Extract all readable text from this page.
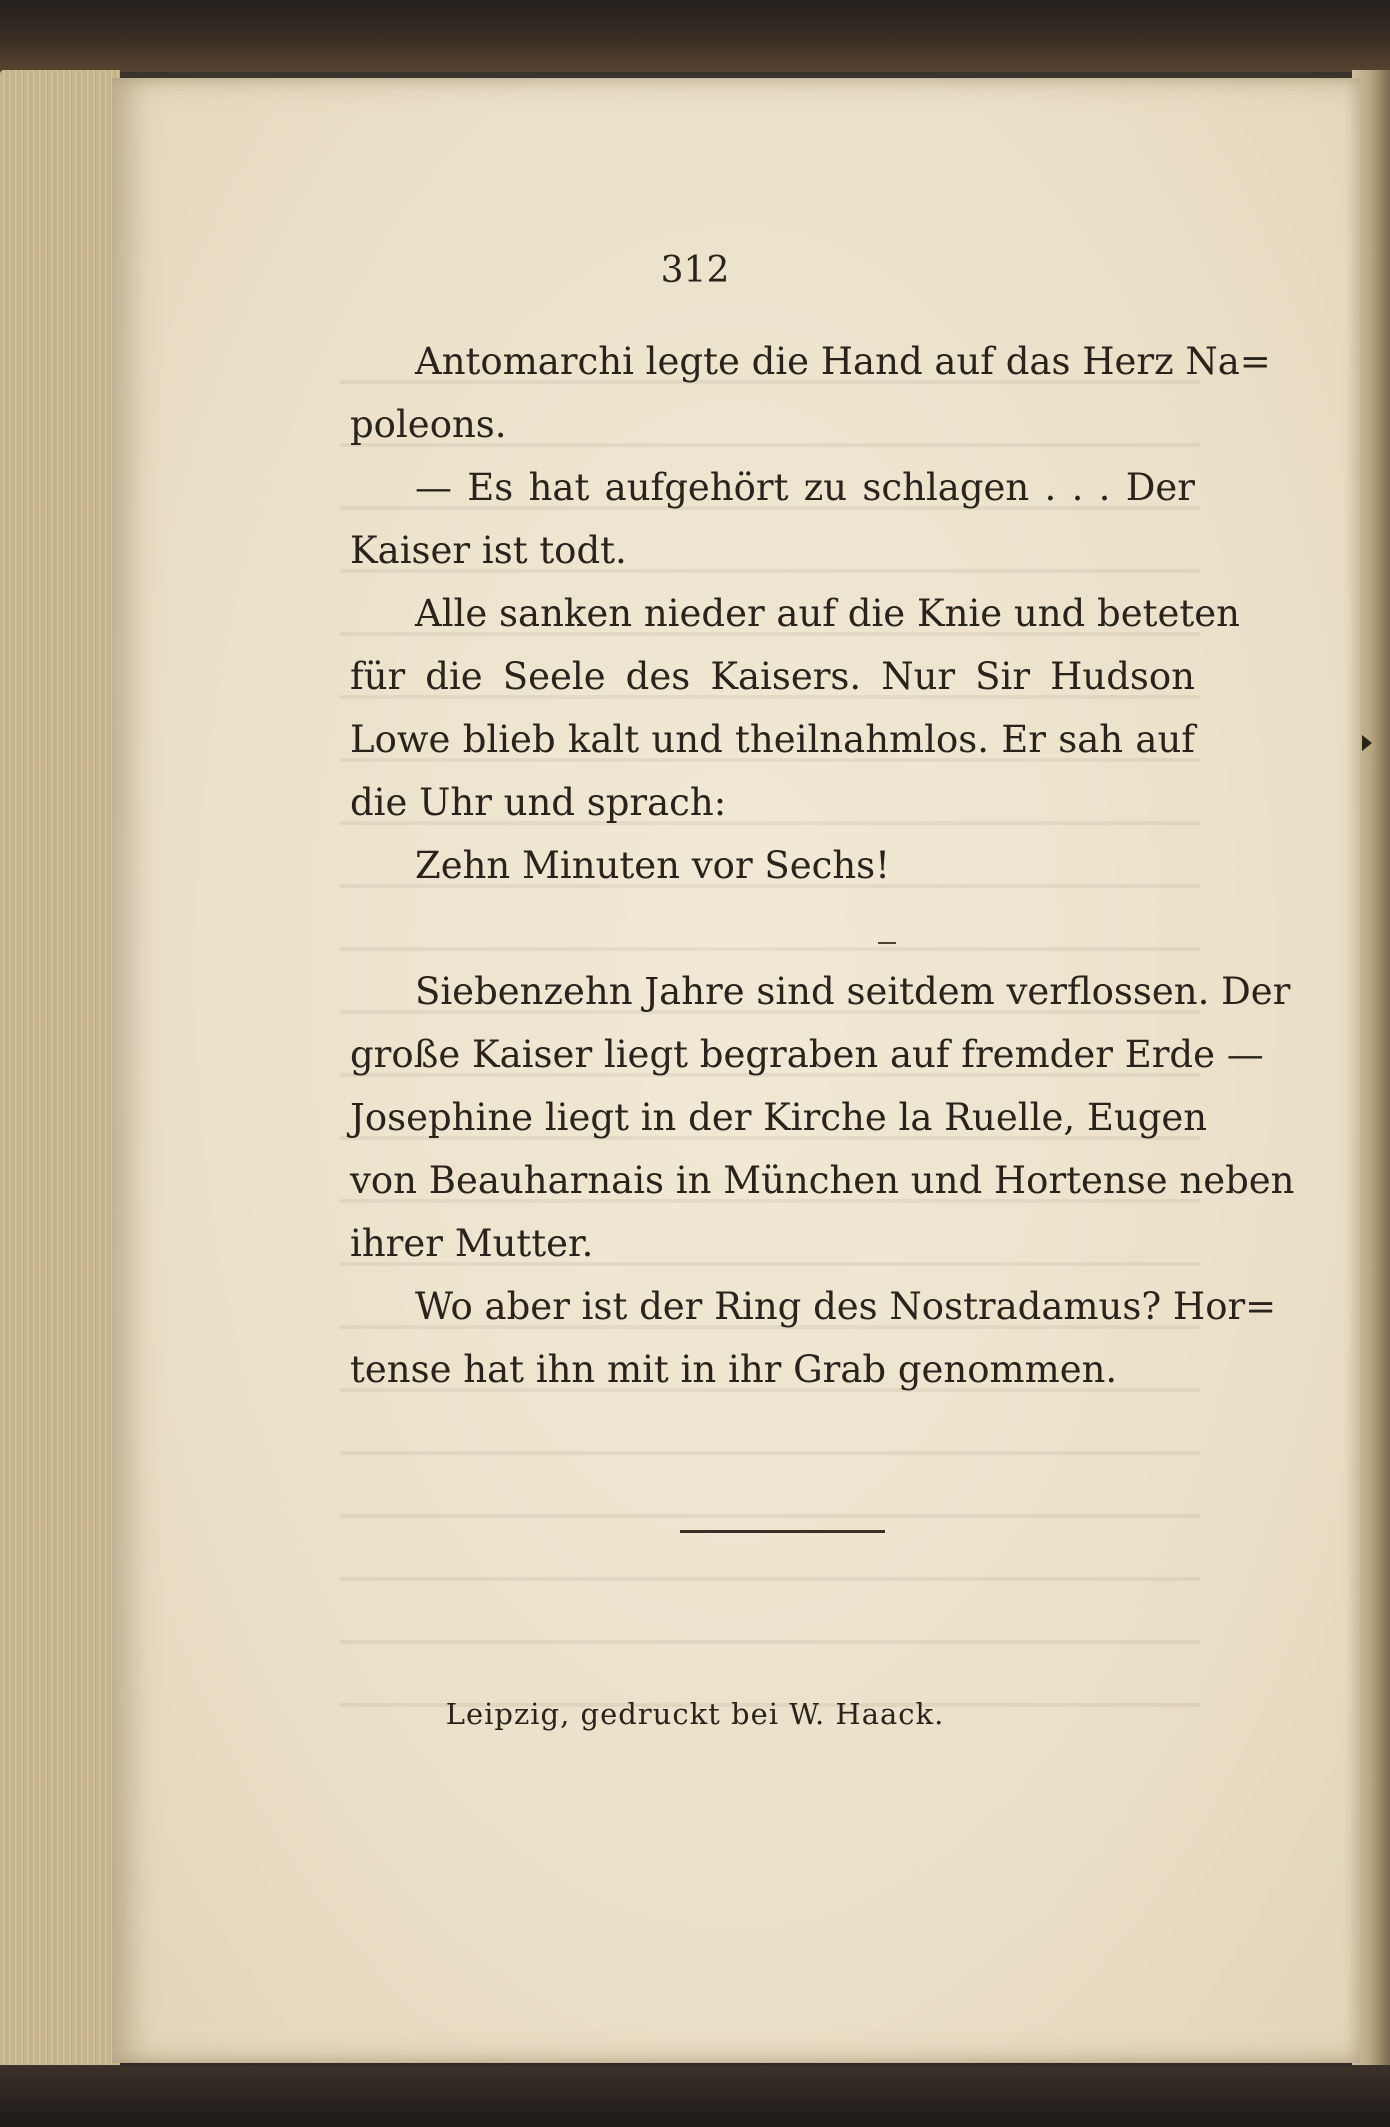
312

Antomarchi legte die Hand auf das Herz Na=
poleons.

— Es hat aufgehört zu schlagen . . . Der
Kaiser ist todt.

Alle sanken nieder auf die Knie und beteten
für die Seele des Kaisers. Nur Sir Hudson
Lowe blieb kalt und theilnahmlos. Er sah auf
die Uhr und sprach:

Zehn Minuten vor Sechs!

Siebenzehn Jahre sind seitdem verflossen. Der
große Kaiser liegt begraben auf fremder Erde —
Josephine liegt in der Kirche la Ruelle, Eugen
von Beauharnais in München und Hortense neben
ihrer Mutter.

Wo aber ist der Ring des Nostradamus? Hor=
tense hat ihn mit in ihr Grab genommen.

Leipzig, gedruckt bei W. Haack.
